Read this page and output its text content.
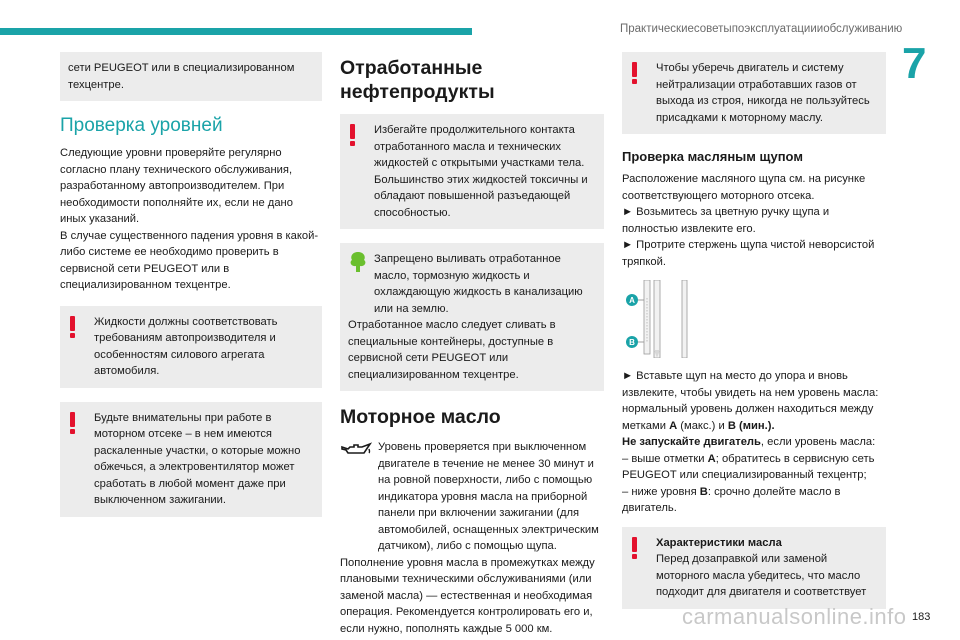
Практическиесоветыпоэксплуатациииобслуживанию
7
сети PEUGEOT или в специализированном техцентре.
Проверка уровней

Следующие уровни проверяйте регулярно согласно плану технического обслуживания, разработанному автопроизводителем. При необходимости пополняйте их, если не дано иных указаний.

В случае существенного падения уровня в какой-либо системе ее необходимо проверить в сервисной сети PEUGEOT или в специализированном техцентре.

Жидкости должны соответствовать требованиям автопроизводителя и особенностям силового агрегата автомобиля.
Будьте внимательны при работе в моторном отсеке – в нем имеются раскаленные участки, о которые можно обжечься, а электровентилятор может сработать в любой момент даже при выключенном зажигании.
Отработанные нефтепродукты
Избегайте продолжительного контакта отработанного масла и технических жидкостей с открытыми участками тела. Большинство этих жидкостей токсичны и обладают повышенной разъедающей способностью.
Запрещено выливать отработанное масло, тормозную жидкость и охлаждающую жидкость в канализацию или на землю.
Отработанное масло следует сливать в специальные контейнеры, доступные в сервисной сети PEUGEOT или специализированном техцентре.
Моторное масло

Уровень проверяется при выключенном двигателе в течение не менее 30 минут и на ровной поверхности, либо с помощью индикатора уровня масла на приборной панели при включении зажигании (для автомобилей, оснащенных электрическим датчиком), либо с помощью щупа.

Пополнение уровня масла в промежутках между плановыми техническими обслуживаниями (или заменой масла) — естественная и необходимая операция. Рекомендуется контролировать его и, если нужно, пополнять каждые 5 000 км.

Чтобы уберечь двигатель и систему нейтрализации отработавших газов от выхода из строя, никогда не пользуйтесь присадками к моторному маслу.
Проверка масляным щупом

Расположение масляного щупа см. на рисунке соответствующего моторного отсека.

► Возьмитесь за цветную ручку щупа и полностью извлеките его.

► Протрите стержень щупа чистой неворсистой тряпкой.

A
B

► Вставьте щуп на место до упора и вновь извлеките, чтобы увидеть на нем уровень масла: нормальный уровень должен находиться между метками A (макс.) и B (мин.).

Не запускайте двигатель, если уровень масла:

– выше отметки A; обратитесь в сервисную сеть PEUGEOT или специализированный техцентр;

– ниже уровня B: срочно долейте масло в двигатель.

Характеристики масла
Перед дозаправкой или заменой моторного масла убедитесь, что масло подходит для двигателя и соответствует
carmanualsonline.info 183
